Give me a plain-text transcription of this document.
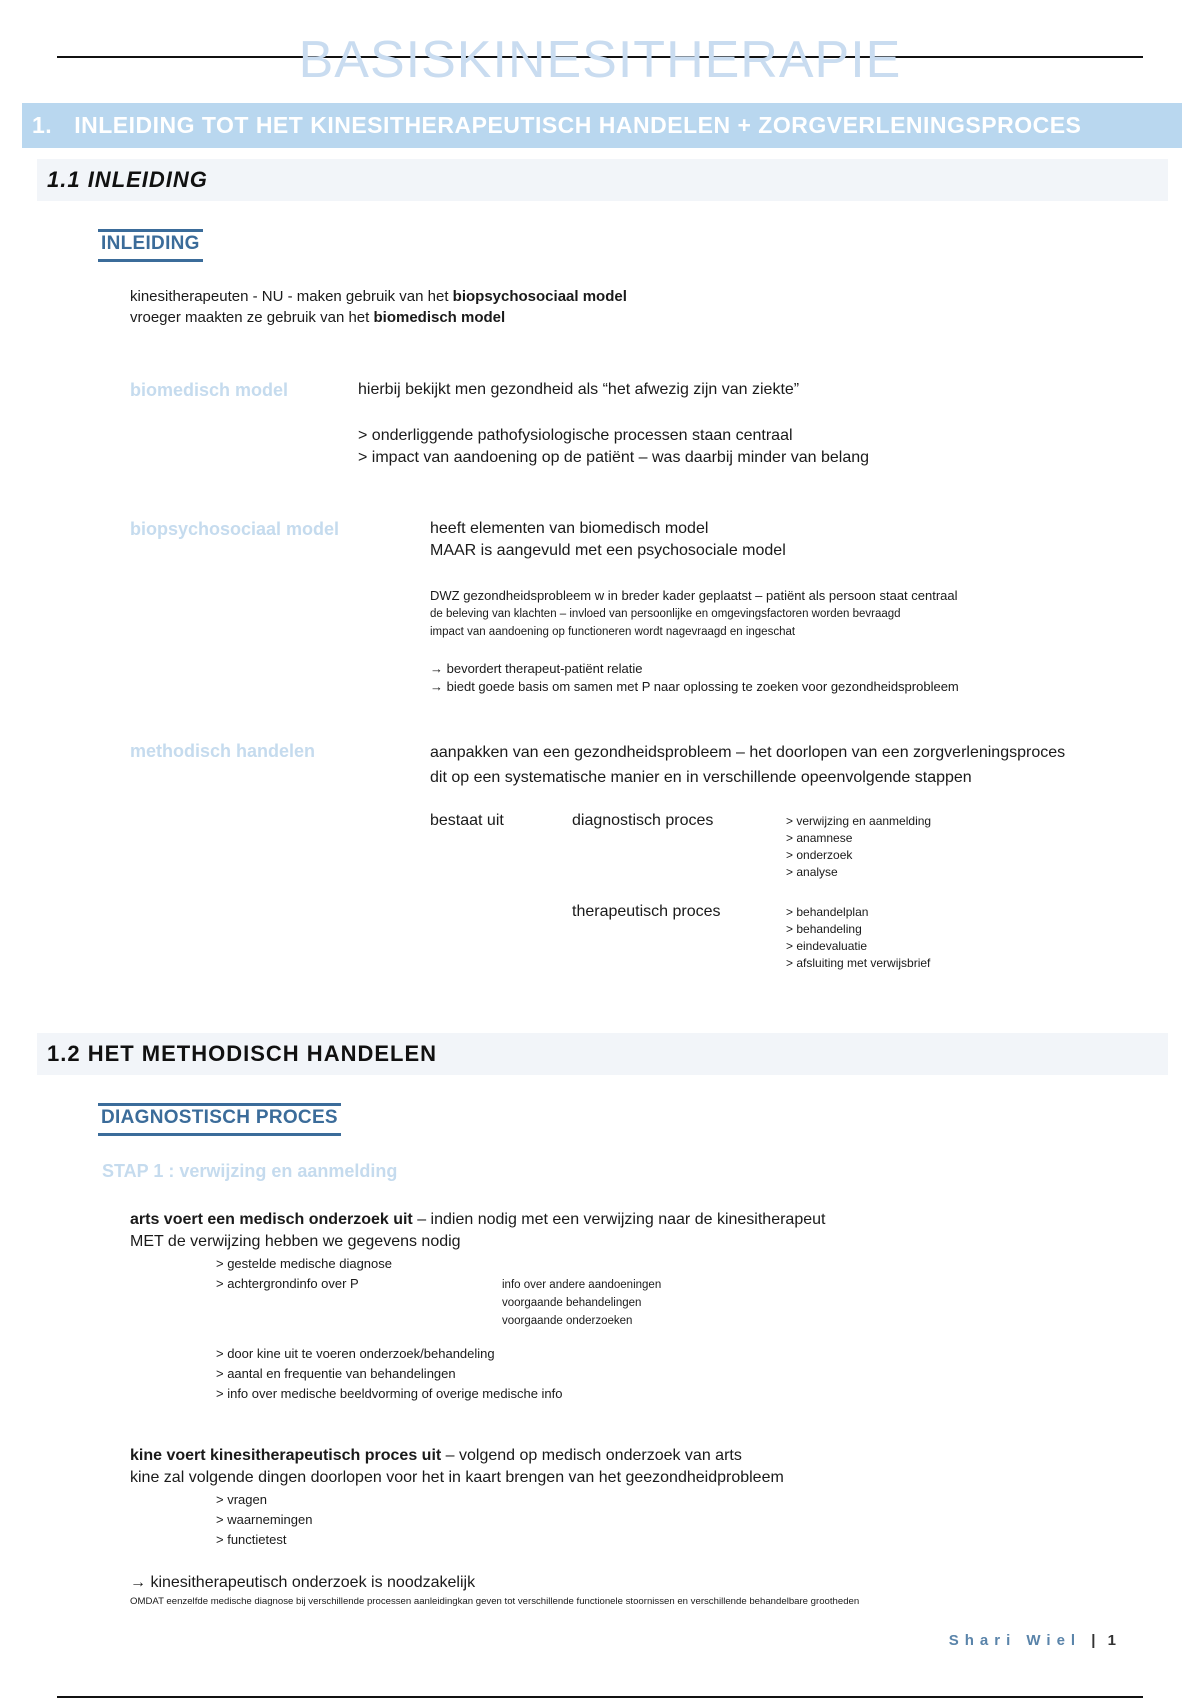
BASISKINESITHERAPIE
1. INLEIDING TOT HET KINESITHERAPEUTISCH HANDELEN + ZORGVERLENINGSPROCES
1.1 INLEIDING
INLEIDING
kinesitherapeuten - NU - maken gebruik van het biopsychosociaal model
vroeger maakten ze gebruik van het biomedisch model
biomedisch model	hierbij bekijkt men gezondheid als “het afwezig zijn van ziekte”
> onderliggende pathofysiologische processen staan centraal
> impact van aandoening op de patiënt – was daarbij minder van belang
biopsychosociaal model	heeft elementen van biomedisch model
MAAR is aangevuld met een psychosociale model
DWZ gezondheidsprobleem w in breder kader geplaatst – patiënt als persoon staat centraal
de beleving van klachten – invloed van persoonlijke en omgevingsfactoren worden bevraagd
impact van aandoening op functioneren wordt nagevraagd en ingeschat
→ bevordert therapeut-patiënt relatie
→ biedt goede basis om samen met P naar oplossing te zoeken voor gezondheidsprobleem
methodisch handelen	aanpakken van een gezondheidsprobleem – het doorlopen van een zorgverleningsproces
dit op een systematische manier en in verschillende opeenvolgende stappen
bestaat uit	diagnostisch proces	> verwijzing en aanmelding
> anamnese
> onderzoek
> analyse
therapeutisch proces	> behandelplan
> behandeling
> eindevaluatie
> afsluiting met verwijsbrief
1.2 HET METHODISCH HANDELEN
DIAGNOSTISCH PROCES
STAP 1 : verwijzing en aanmelding
arts voert een medisch onderzoek uit – indien nodig met een verwijzing naar de kinesitherapeut
MET de verwijzing hebben we gegevens nodig
> gestelde medische diagnose
> achtergrondinfo over P	info over andere aandoeningen
voorgaande behandelingen
voorgaande onderzoeken
> door kine uit te voeren onderzoek/behandeling
> aantal en frequentie van behandelingen
> info over medische beeldvorming of overige medische info
kine voert kinesitherapeutisch proces uit – volgend op medisch onderzoek van arts
kine zal volgende dingen doorlopen voor het in kaart brengen van het geezondheidprobleem
> vragen
> waarnemingen
> functietest
→ kinesitherapeutisch onderzoek is noodzakelijk
OMDAT eenzelfde medische diagnose bij verschillende processen aanleidingkan geven tot verschillende functionele stoornissen en verschillende behandelbare grootheden
Shari Wiel | 1
